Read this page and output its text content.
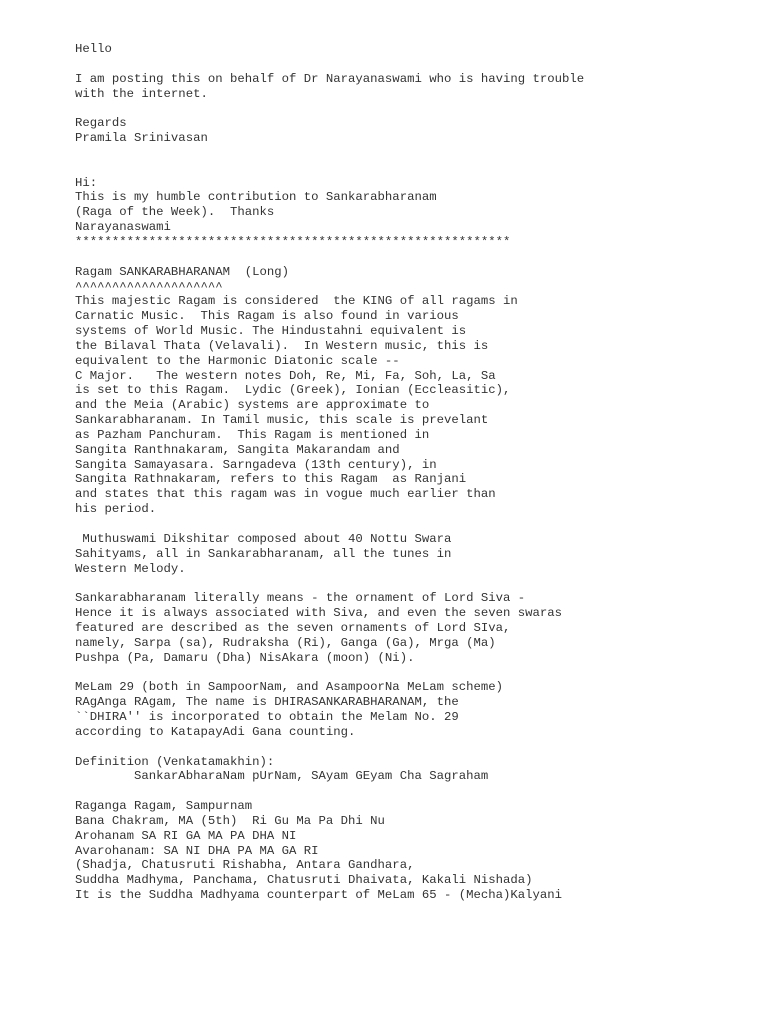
Hello
I am posting this on behalf of Dr Narayanaswami who is having trouble
with the internet.
Regards
Pramila Srinivasan
Hi:
This is my humble contribution to Sankarabharanam
(Raga of the Week).  Thanks
Narayanaswami
***********************************************************
Ragam SANKARABHARANAM  (Long)
^^^^^^^^^^^^^^^^^^^^
This majestic Ragam is considered  the KING of all ragams in
Carnatic Music.  This Ragam is also found in various
systems of World Music. The Hindustahni equivalent is
the Bilaval Thata (Velavali).  In Western music, this is
equivalent to the Harmonic Diatonic scale --
C Major.   The western notes Doh, Re, Mi, Fa, Soh, La, Sa
is set to this Ragam.  Lydic (Greek), Ionian (Eccleasitic),
and the Meia (Arabic) systems are approximate to
Sankarabharanam. In Tamil music, this scale is prevelant
as Pazham Panchuram.  This Ragam is mentioned in
Sangita Ranthnakaram, Sangita Makarandam and
Sangita Samayasara. Sarngadeva (13th century), in
Sangita Rathnakaram, refers to this Ragam  as Ranjani
and states that this ragam was in vogue much earlier than
his period.
Muthuswami Dikshitar composed about 40 Nottu Swara
Sahityams, all in Sankarabharanam, all the tunes in
Western Melody.
Sankarabharanam literally means - the ornament of Lord Siva -
Hence it is always associated with Siva, and even the seven swaras
featured are described as the seven ornaments of Lord SIva,
namely, Sarpa (sa), Rudraksha (Ri), Ganga (Ga), Mrga (Ma)
Pushpa (Pa, Damaru (Dha) NisAkara (moon) (Ni).
MeLam 29 (both in SampoorNam, and AsampoorNa MeLam scheme)
RAgAnga RAgam, The name is DHIRASANKARABHARANAM, the
``DHIRA'' is incorporated to obtain the Melam No. 29
according to KatapayAdi Gana counting.
Definition (Venkatamakhin):
SankarAbharaNam pUrNam, SAyam GEyam Cha Sagraham
Raganga Ragam, Sampurnam
Bana Chakram, MA (5th)  Ri Gu Ma Pa Dhi Nu
Arohanam SA RI GA MA PA DHA NI
Avarohanam: SA NI DHA PA MA GA RI
(Shadja, Chatusruti Rishabha, Antara Gandhara,
Suddha Madhyma, Panchama, Chatusruti Dhaivata, Kakali Nishada)
It is the Suddha Madhyama counterpart of MeLam 65 - (Mecha)Kalyani
